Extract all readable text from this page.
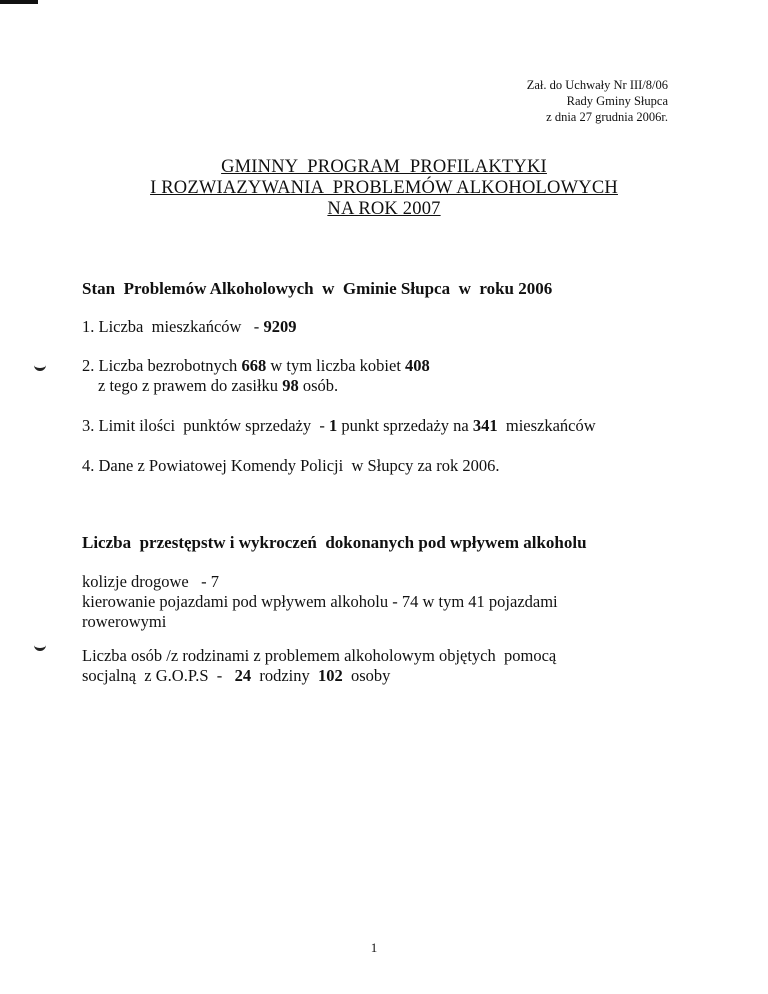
Zał. do Uchwały Nr III/8/06
Rady Gminy Słupca
z dnia 27 grudnia 2006r.
GMINNY  PROGRAM  PROFILAKTYKI
I ROZWIAZYWANIA  PROBLEMÓW ALKOHOLOWYCH
NA ROK 2007
Stan  Problemów Alkoholowych  w  Gminie Słupca  w  roku 2006
1. Liczba  mieszkańców   - 9209
2. Liczba bezrobotnych 668 w tym liczba kobiet 408
z tego z prawem do zasiłku 98 osób.
3. Limit ilości  punktów sprzedaży  - 1 punkt sprzedaży na 341 mieszkańców
4. Dane z Powiatowej Komendy Policji  w Słupcy za rok 2006.
Liczba  przestępstw i wykroczeń  dokonanych pod wpływem alkoholu
kolizje drogowe   - 7
kierowanie pojazdami pod wpływem alkoholu - 74 w tym 41 pojazdami
rowerowymi
Liczba osób /z rodzinami z problemem alkoholowym objętych  pomocą
socjalną  z G.O.P.S  - 24 rodziny 102 osoby
1
